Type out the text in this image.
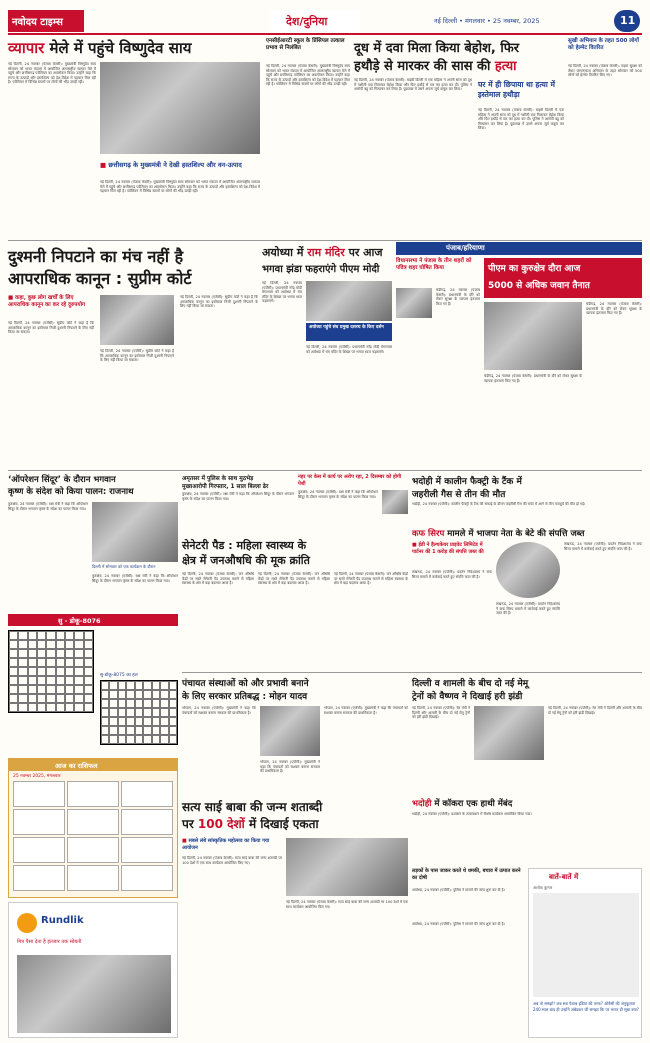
नवोदय टाइम्स	देश/दुनिया	नई दिल्ली • मंगलवार • 25 नवम्बर, 2025	11
व्यापार मेले में पहुंचे विष्णुदेव साय
नई दिल्ली, 24 नवम्बर (पंजाब केसरी): मुख्यमंत्री विष्णुदेव साय सोमवार को भारत मंडपम में आयोजित अंतरराष्ट्रीय व्यापार मेले में पहुंचे और छत्तीसगढ़ पवेलियन का अवलोकन किया। उन्होंने कहा कि राज्य के उत्पादों और हस्तशिल्प को देश-विदेश में पहचान मिल रही है। पवेलियन में विभिन्न स्टालों पर लोगों की भीड़ उमड़ी रही।
■ छत्तीसगढ़ के मुख्यमंत्री ने देखी हस्तशिल्प और वन-उत्पाद
नई दिल्ली, 24 नवम्बर (पंजाब केसरी): मुख्यमंत्री विष्णुदेव साय सोमवार को भारत मंडपम में आयोजित अंतरराष्ट्रीय व्यापार मेले में पहुंचे और छत्तीसगढ़ पवेलियन का अवलोकन किया। उन्होंने कहा कि राज्य के उत्पादों और हस्तशिल्प को देश-विदेश में पहचान मिल रही है। पवेलियन में विभिन्न स्टालों पर लोगों की भीड़ उमड़ी रही।
एनसीईआरटी स्कूल के प्रिंसिपल तत्काल प्रभाव से निलंबित
नई दिल्ली, 24 नवम्बर (पंजाब केसरी): मुख्यमंत्री विष्णुदेव साय सोमवार को भारत मंडपम में आयोजित अंतरराष्ट्रीय व्यापार मेले में पहुंचे और छत्तीसगढ़ पवेलियन का अवलोकन किया। उन्होंने कहा कि राज्य के उत्पादों और हस्तशिल्प को देश-विदेश में पहचान मिल रही है। पवेलियन में विभिन्न स्टालों पर लोगों की भीड़ उमड़ी रही।
दूध में दवा मिला किया बेहोश, फिर
हथौड़े से मारकर की सास की हत्या
नई दिल्ली, 24 नवम्बर (पंजाब केसरी): बाहरी दिल्ली में एक महिला ने अपनी सास को दूध में नशीली दवा मिलाकर बेहोश किया और फिर हथौड़े से वार कर हत्या कर दी। पुलिस ने आरोपी बहू को गिरफ्तार कर लिया है। पूछताछ में उसने अपना जुर्म कबूल कर लिया।
घर में ही छिपाया था हत्या में इस्तेमाल हथौड़ा
नई दिल्ली, 24 नवम्बर (पंजाब केसरी): बाहरी दिल्ली में एक महिला ने अपनी सास को दूध में नशीली दवा मिलाकर बेहोश किया और फिर हथौड़े से वार कर हत्या कर दी। पुलिस ने आरोपी बहू को गिरफ्तार कर लिया है। पूछताछ में उसने अपना जुर्म कबूल कर लिया।
सुखी अभियान के तहत 500 लोगों को हेल्मेट वितरित
नई दिल्ली, 24 नवम्बर (पंजाब केसरी): सड़क सुरक्षा को लेकर जागरूकता अभियान के तहत सोमवार को 500 लोगों को हेल्मेट वितरित किए गए।
पंजाब/हरियाणा
दुश्मनी निपटाने का मंच नहीं है
आपराधिक कानून : सुप्रीम कोर्ट
■ कहा, कुछ लोग खर्चों के लिए आपराधिक कानून का कर रहे दुरुपयोग
नई दिल्ली, 24 नवम्बर (एजेंसी): सुप्रीम कोर्ट ने कहा है कि आपराधिक कानून का इस्तेमाल निजी दुश्मनी निपटाने के लिए नहीं किया जा सकता।
नई दिल्ली, 24 नवम्बर (एजेंसी): सुप्रीम कोर्ट ने कहा है कि आपराधिक कानून का इस्तेमाल निजी दुश्मनी निपटाने के लिए नहीं किया जा सकता।
नई दिल्ली, 24 नवम्बर (एजेंसी): सुप्रीम कोर्ट ने कहा है कि आपराधिक कानून का इस्तेमाल निजी दुश्मनी निपटाने के लिए नहीं किया जा सकता।
अयोध्या में राम मंदिर पर आज
भगवा झंडा फहराएंगे पीएम मोदी
नई दिल्ली, 24 नवम्बर (एजेंसी): प्रधानमंत्री नरेंद्र मोदी मंगलवार को अयोध्या में राम मंदिर के शिखर पर भगवा ध्वज फहराएंगे।
अयोध्या पहुंचे संघ प्रमुख दशरथ के किए दर्शन
नई दिल्ली, 24 नवम्बर (एजेंसी): प्रधानमंत्री नरेंद्र मोदी मंगलवार को अयोध्या में राम मंदिर के शिखर पर भगवा ध्वज फहराएंगे।
विधानसभा ने पंजाब के तीन शहरों को पवित्र शहर घोषित किया
चंडीगढ़, 24 नवम्बर (पंजाब केसरी): प्रधानमंत्री के दौरे को लेकर सुरक्षा के व्यापक इंतजाम किए गए हैं।
पीएम का कुरुक्षेत्र दौरा आज
5000 से अधिक जवान तैनात
चंडीगढ़, 24 नवम्बर (पंजाब केसरी): प्रधानमंत्री के दौरे को लेकर सुरक्षा के व्यापक इंतजाम किए गए हैं।
चंडीगढ़, 24 नवम्बर (पंजाब केसरी): प्रधानमंत्री के दौरे को लेकर सुरक्षा के व्यापक इंतजाम किए गए हैं।
‘ऑपरेशन सिंदूर’ के दौरान भगवान
कृष्ण के संदेश को किया पालन: राजनाथ
कुरुक्षेत्र, 24 नवम्बर (एजेंसी): रक्षा मंत्री ने कहा कि ऑपरेशन सिंदूर के दौरान भगवान कृष्ण के संदेश का पालन किया गया।
दिल्ली में सोमवार को एक कार्यक्रम के दौरान
कुरुक्षेत्र, 24 नवम्बर (एजेंसी): रक्षा मंत्री ने कहा कि ऑपरेशन सिंदूर के दौरान भगवान कृष्ण के संदेश का पालन किया गया।
अमृतसर में पुलिस के साथ मुठभेड़
मुख्यआरोपी गिरफ्तार, 1 साल बिल्ला ढेर
कुरुक्षेत्र, 24 नवम्बर (एजेंसी): रक्षा मंत्री ने कहा कि ऑपरेशन सिंदूर के दौरान भगवान कृष्ण के संदेश का पालन किया गया।
नहर पर केस में कार्य पर अरोप रहा, 2 दिसम्बर को होगी पेशी
कुरुक्षेत्र, 24 नवम्बर (एजेंसी): रक्षा मंत्री ने कहा कि ऑपरेशन सिंदूर के दौरान भगवान कृष्ण के संदेश का पालन किया गया।
भदोही में कालीन फैक्ट्री के टैंक में
जहरीली गैस से तीन की मौत
भदोही, 24 नवम्बर (एजेंसी): कालीन फैक्ट्री के टैंक की सफाई के दौरान जहरीली गैस की चपेट में आने से तीन मजदूरों की मौत हो गई।
सेनेटरी पैड : महिला स्वास्थ्य के
क्षेत्र में जनऔषधि की मूक क्रांति
नई दिल्ली, 24 नवम्बर (पंजाब केसरी): जन औषधि केंद्रों पर सस्ते सेनेटरी पैड उपलब्ध कराने से महिला स्वास्थ्य के क्षेत्र में बड़ा बदलाव आया है।
नई दिल्ली, 24 नवम्बर (पंजाब केसरी): जन औषधि केंद्रों पर सस्ते सेनेटरी पैड उपलब्ध कराने से महिला स्वास्थ्य के क्षेत्र में बड़ा बदलाव आया है।
नई दिल्ली, 24 नवम्बर (पंजाब केसरी): जन औषधि केंद्रों पर सस्ते सेनेटरी पैड उपलब्ध कराने से महिला स्वास्थ्य के क्षेत्र में बड़ा बदलाव आया है।
कफ सिरप मामले में भाजपा नेता के बेटे की संपत्ति जब्त
■ ईडी ने हैल्थकेयर प्राइवेट लिमिटेड में पार्टनर की 1 करोड़ की संपत्ति जब्त की
लखनऊ, 24 नवम्बर (एजेंसी): प्रवर्तन निदेशालय ने कफ सिरप मामले में कार्रवाई करते हुए संपत्ति जब्त की है।
लखनऊ, 24 नवम्बर (एजेंसी): प्रवर्तन निदेशालय ने कफ सिरप मामले में कार्रवाई करते हुए संपत्ति जब्त की है।
लखनऊ, 24 नवम्बर (एजेंसी): प्रवर्तन निदेशालय ने कफ सिरप मामले में कार्रवाई करते हुए संपत्ति जब्त की है।
सु - डोकू-8076
सु-डोकू-8075 का हल
पंचायत संस्थाओं को और प्रभावी बनाने
के लिए सरकार प्रतिबद्ध : मोहन यादव
भोपाल, 24 नवम्बर (एजेंसी): मुख्यमंत्री ने कहा कि पंचायतों को सशक्त बनाना सरकार की प्राथमिकता है।
भोपाल, 24 नवम्बर (एजेंसी): मुख्यमंत्री ने कहा कि पंचायतों को सशक्त बनाना सरकार की प्राथमिकता है।
भोपाल, 24 नवम्बर (एजेंसी): मुख्यमंत्री ने कहा कि पंचायतों को सशक्त बनाना सरकार की प्राथमिकता है।
दिल्ली व शामली के बीच दो नई मेमू
ट्रेनों को वैष्णव ने दिखाई हरी झंडी
नई दिल्ली, 24 नवम्बर (एजेंसी): रेल मंत्री ने दिल्ली और शामली के बीच दो नई मेमू ट्रेनों को हरी झंडी दिखाई।
नई दिल्ली, 24 नवम्बर (एजेंसी): रेल मंत्री ने दिल्ली और शामली के बीच दो नई मेमू ट्रेनों को हरी झंडी दिखाई।
आज का राशिफल
25 नवम्बर 2025, मंगलवार
सत्य साई बाबा की जन्म शताब्दी
पर 100 देशों में दिखाई एकता
■ सबसे लंबे सांस्कृतिक महोत्सव का किया गया आयोजन
नई दिल्ली, 24 नवम्बर (पंजाब केसरी): सत्य साई बाबा की जन्म शताब्दी पर 100 देशों में एक साथ कार्यक्रम आयोजित किए गए।
नई दिल्ली, 24 नवम्बर (पंजाब केसरी): सत्य साई बाबा की जन्म शताब्दी पर 100 देशों में एक साथ कार्यक्रम आयोजित किए गए।
Rundlik
मित्र पैसा देता है इंतजार तक सोबती
भदोही में कॉकरा एक हाथी मेंबंद
भदोही, 24 नवम्बर (एजेंसी): प्रशासन के तत्वावधान में विशेष कार्यक्रम आयोजित किया गया।
लड़कों के पास जाकर करते थे धमकी, बचाव में उत्पात करने का दोषी
अयोध्या, 24 नवम्बर (एजेंसी): पुलिस ने मामले की जांच शुरू कर दी है।
बातें-बातें में
अशोक कुमार
अब तो समझो! जब सब पेशाब इंडिया की तरफ? ओवैसी की अनुकूलता 240 साल बाद ही उन्होंने अंबेडकर जी समझा कि पर भारत ही सूबा क्या?
अयोध्या, 24 नवम्बर (एजेंसी): पुलिस ने मामले की जांच शुरू कर दी है।
